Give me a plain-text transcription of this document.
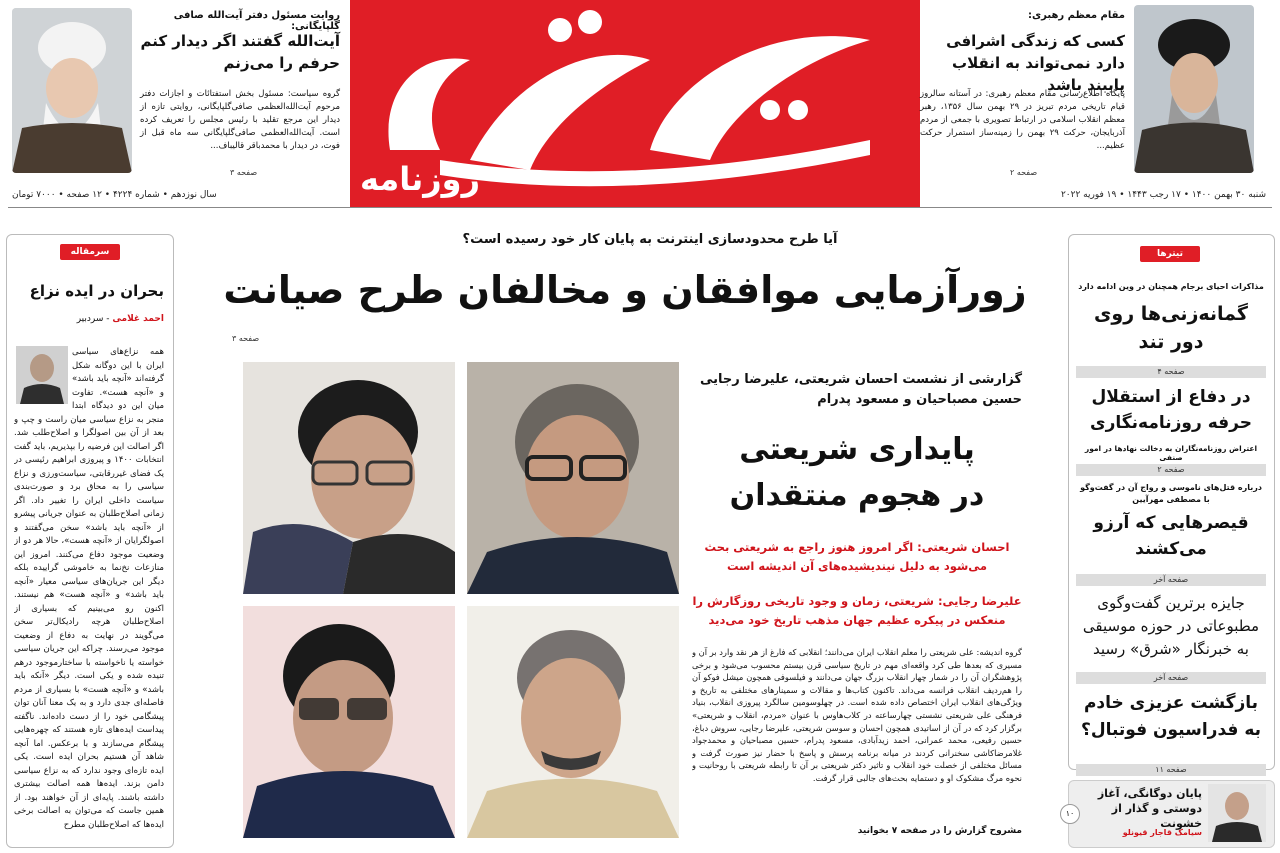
روزنامه
روایت مسئول دفتر آیت‌الله صافی گلپایگانی:
آیت‌الله گفتند اگر دیدار کنم حرفم را می‌زنم
گروه سیاست: مسئول بخش استفتائات و اجازات دفتر مرحوم آیت‌الله‌العظمی صافی‌گلپایگانی، روایتی تازه از دیدار این مرجع تقلید با رئیس مجلس را تعریف کرده است. آیت‌الله‌العظمی صافی‌گلپایگانی سه ماه قبل از فوت، در دیدار با محمدباقر قالیباف...
صفحه ۳
مقام معظم رهبری:
کسی که زندگی اشرافی دارد نمی‌تواند به انقلاب پایبند باشد
پایگاه اطلاع‌رسانی مقام معظم رهبری: در آستانه سالروز قیام تاریخی مردم تبریز در ۲۹ بهمن سال ۱۳۵۶، رهبر معظم انقلاب اسلامی در ارتباط تصویری با جمعی از مردم آذربایجان، حرکت ۲۹ بهمن را زمینه‌ساز استمرار حرکت عظیم...
صفحه ۲
شنبه ۳۰ بهمن ۱۴۰۰ • ۱۷ رجب ۱۴۴۳ • ۱۹ فوریه ۲۰۲۲
سال نوزدهم • شماره ۴۲۲۴ • ۱۲ صفحه • ۷۰۰۰ تومان
سرمقاله
بحران در ایده نزاع
احمد غلامی - سردبیر
همه نزاع‌های سیاسی ایران با این دوگانه شکل گرفته‌اند «آنچه باید باشد» و «آنچه هست». تفاوت میان این دو دیدگاه ابتدا منجر به نزاع سیاسی میان راست و چپ و بعد از آن بین اصولگرا و اصلاح‌طلب شد. اگر اصالت این فرضیه را بپذیریم، باید گفت انتخابات ۱۴۰۰ و پیروزی ابراهیم رئیسی در یک فضای غیررقابتی، سیاست‌ورزی و نزاع سیاسی را به محاق برد و صورت‌بندی سیاست داخلی ایران را تغییر داد. اگر زمانی اصلاح‌طلبان به عنوان جریانی پیشرو از «آنچه باید باشد» سخن می‌گفتند و اصولگرایان از «آنچه هست»، حالا هر دو از وضعیت موجود دفاع می‌کنند. امروز این منازعات نخ‌نما به خاموشی گراییده بلکه دیگر این جریان‌های سیاسی معیار «آنچه باید باشد» و «آنچه هست» هم نیستند. اکنون رو می‌بینیم که بسیاری از اصلاح‌طلبان هرچه رادیکال‌تر سخن می‌گویند در نهایت به دفاع از وضعیت موجود می‌رسند. چراکه این جریان سیاسی خواسته یا ناخواسته با ساختارموجود درهم تنیده شده و یکی است. دیگر «آنکه باید باشد» و «آنچه هست» با بسیاری از مردم فاصله‌ای جدی دارد و به یک معنا آنان توان پیشگامی خود را از دست داده‌اند. ناگفته پیداست ایده‌های تازه هستند که چهره‌هایی پیشگام می‌سازند و با برعکس. اما آنچه شاهد آن هستیم بحران ایده است. یکی ایده تازه‌ای وجود ندارد که به نزاع سیاسی دامن بزند. ایده‌ها همه اصالت بیشتری داشته باشند. پایه‌ای از آن خواهند بود. از همین جاست که می‌توان به اصالت برخی ایده‌ها که اصلاح‌طلبان مطرح
آیا طرح محدودسازی اینترنت به پایان کار خود رسیده است؟
زورآزمایی موافقان و مخالفان طرح صیانت
صفحه ۳
گزارشی از نشست احسان شریعتی، علیرضا رجایی حسین مصباحیان و مسعود پدرام
پایداری شریعتی
در هجوم منتقدان
احسان شریعتی: اگر امروز هنوز راجع به شریعتی بحث می‌شود به دلیل نیندیشیده‌های آن اندیشه است
علیرضا رجایی: شریعتی، زمان و وجود تاریخی روزگارش را منعکس در پیکره عظیم جهان مذهب تاریخ خود می‌دید
گروه اندیشه: علی شریعتی را معلم انقلاب ایران می‌دانند؛ انقلابی که فارغ از هر نقد وارد بر آن و مسیری که بعدها طی کرد واقعه‌ای مهم در تاریخ سیاسی قرن بیستم محسوب می‌شود و برخی پژوهشگران آن را در شمار چهار انقلاب بزرگ جهان می‌دانند و فیلسوفی همچون میشل فوکو آن را هم‌ردیف انقلاب فرانسه می‌داند. تاکنون کتاب‌ها و مقالات و سمینارهای مختلفی به تاریخ و ویژگی‌های انقلاب ایران اختصاص داده شده است. در چهلوسومین سالگرد پیروزی انقلاب، بنیاد فرهنگی علی شریعتی نشستی چهارساعته در کلاب‌هاوس با عنوان «مردم، انقلاب و شریعتی» برگزار کرد که در آن از اساتیدی همچون احسان و سوسن شریعتی، علیرضا رجایی، سروش دباغ، حسین رفیعی، محمد عمرانی، احمد زیدآبادی، مسعود پدرام، حسین مصباحیان و محمدجواد غلامرضاکاشی سخنرانی کردند در میانه برنامه پرسش و پاسخ با حضار نیز صورت گرفت و مسائل مختلفی از خصلت خود انقلاب و تاثیر دکتر شریعتی بر آن تا رابطه شریعتی با روحانیت و نحوه مرگ مشکوک او و دستمایه بحث‌های جالبی قرار گرفت.
مشروح گزارش را در صفحه ۷ بخوانید
تیترها
مذاکرات احیای برجام همچنان در وین ادامه دارد
گمانه‌زنی‌ها روی دور تند
صفحه ۴
در دفاع از استقلال حرفه روزنامه‌نگاری
اعتراض روزنامه‌نگاران به دخالت نهادها در امور صنفی
صفحه ۲
درباره قتل‌های ناموسی و رواج آن در گفت‌وگو با مصطفی مهرآیین
قیصرهایی که آرزو می‌کشند
صفحه آخر
جایزه برترین گفت‌وگوی مطبوعاتی در حوزه موسیقی به خبرنگار «شرق» رسید
صفحه آخر
بازگشت عزیزی خادم به فدراسیون فوتبال؟
صفحه ۱۱
پایان دوگانگی، آغاز دوستی و گذار از خشونت
سیامک قاجار قیونلو
۱۰
